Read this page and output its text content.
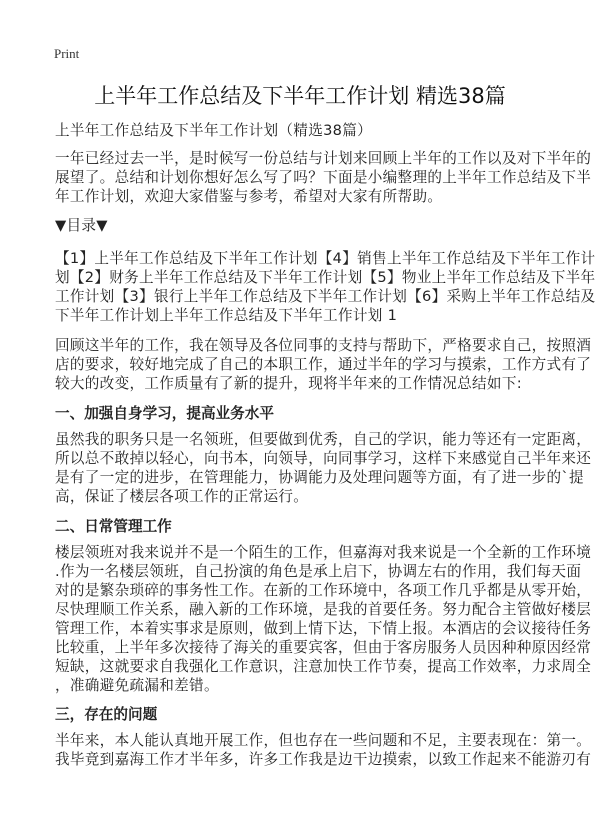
Print
上半年工作总结及下半年工作计划 精选38篇
上半年工作总结及下半年工作计划（精选38篇）
一年已经过去一半，是时候写一份总结与计划来回顾上半年的工作以及对下半年的
展望了。总结和计划你想好怎么写了吗？下面是小编整理的上半年工作总结及下半
年工作计划，欢迎大家借鉴与参考，希望对大家有所帮助。
▼目录▼
【1】上半年工作总结及下半年工作计划【4】销售上半年工作总结及下半年工作计
划【2】财务上半年工作总结及下半年工作计划【5】物业上半年工作总结及下半年
工作计划【3】银行上半年工作总结及下半年工作计划【6】采购上半年工作总结及
下半年工作计划上半年工作总结及下半年工作计划 1
回顾这半年的工作，我在领导及各位同事的支持与帮助下，严格要求自己，按照酒
店的要求，较好地完成了自己的本职工作，通过半年的学习与摸索，工作方式有了
较大的改变，工作质量有了新的提升，现将半年来的工作情况总结如下:
一、加强自身学习，提高业务水平
虽然我的职务只是一名领班，但要做到优秀，自己的学识，能力等还有一定距离，
所以总不敢掉以轻心，向书本，向领导，向同事学习，这样下来感觉自己半年来还
是有了一定的进步，在管理能力，协调能力及处理问题等方面，有了进一步的`提
高，保证了楼层各项工作的正常运行。
二、日常管理工作
楼层领班对我来说并不是一个陌生的工作，但嘉海对我来说是一个全新的工作环境
.作为一名楼层领班，自己扮演的角色是承上启下，协调左右的作用，我们每天面
对的是繁杂琐碎的事务性工作。在新的工作环境中，各项工作几乎都是从零开始，
尽快理顺工作关系，融入新的工作环境，是我的首要任务。努力配合主管做好楼层
管理工作，本着实事求是原则，做到上情下达，下情上报。本酒店的会议接待任务
比较重，上半年多次接待了海关的重要宾客，但由于客房服务人员因种种原因经常
短缺，这就要求自我强化工作意识，注意加快工作节奏，提高工作效率，力求周全
，准确避免疏漏和差错。
三，存在的问题
半年来，本人能认真地开展工作，但也存在一些问题和不足，主要表现在：第一。
我毕竟到嘉海工作才半年多，许多工作我是边干边摸索，以致工作起来不能游刃有
